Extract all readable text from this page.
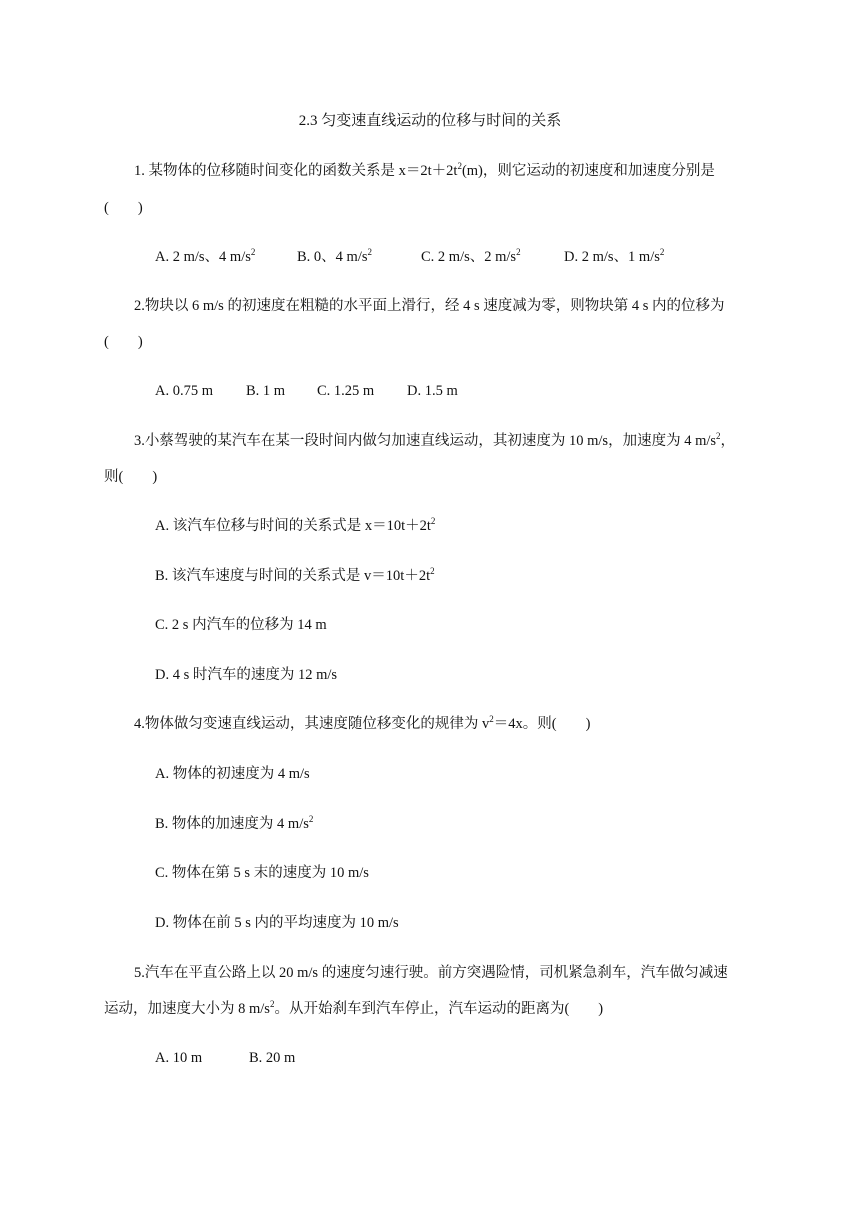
2.3 匀变速直线运动的位移与时间的关系
1. 某物体的位移随时间变化的函数关系是 $x=2t+2t^2(m)$，则它运动的初速度和加速度分别是
(　　)
A. 2 m/s、4 $m/s^2$	B. 0、4 $m/s^2$	C. 2 m/s、2 $m/s^2$	D. 2 m/s、1 $m/s^2$
2.物块以 6 m/s 的初速度在粗糙的水平面上滑行，经 4 s 速度减为零，则物块第 4 s 内的位移为
(　　)
A. 0.75 m B. 1 m C. 1.25 m D. 1.5 m
3.小蔡驾驶的某汽车在某一段时间内做匀加速直线运动，其初速度为 10 m/s，加速度为 4 $m/s^2$，
则(　　)
A. 该汽车位移与时间的关系式是 $x=10t+2t^2$
B. 该汽车速度与时间的关系式是 $v=10t+2t^2$
C. 2 s 内汽车的位移为 14 m
D. 4 s 时汽车的速度为 12 m/s
4.物体做匀变速直线运动，其速度随位移变化的规律为 $v^2=4x$。则(　　)
A. 物体的初速度为 4 m/s
B. 物体的加速度为 4 $m/s^2$
C. 物体在第 5 s 末的速度为 10 m/s
D. 物体在前 5 s 内的平均速度为 10 m/s
5.汽车在平直公路上以 20 m/s 的速度匀速行驶。前方突遇险情，司机紧急刹车，汽车做匀减速
运动，加速度大小为 8 $m/s^2$。从开始刹车到汽车停止，汽车运动的距离为(　　)
A. 10 m	B. 20 m
